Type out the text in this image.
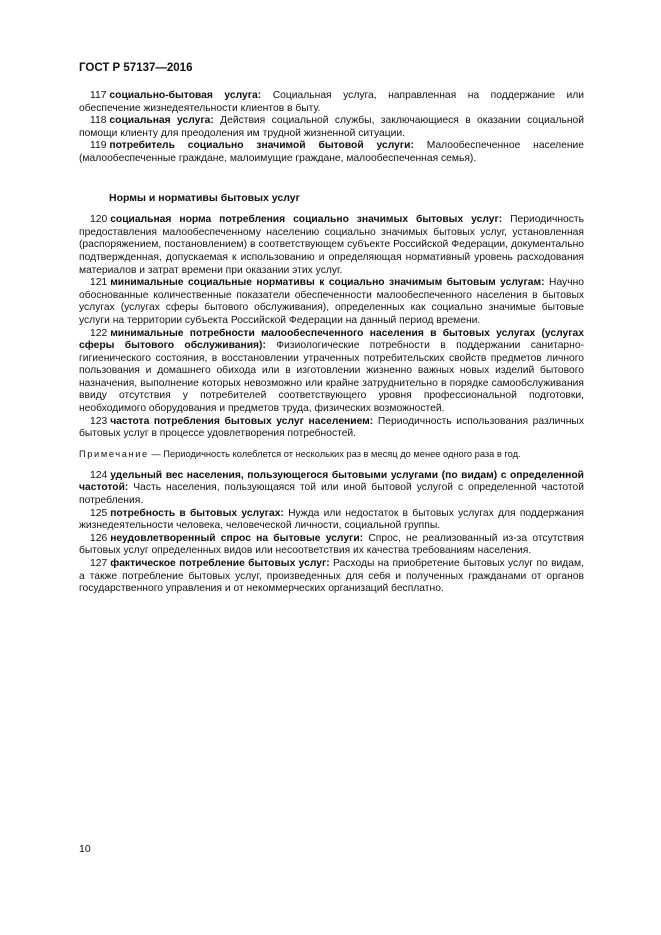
ГОСТ Р 57137—2016

117 социально-бытовая услуга: Социальная услуга, направленная на поддержание или обеспечение жизнедеятельности клиентов в быту.

118 социальная услуга: Действия социальной службы, заключающиеся в оказании социальной помощи клиенту для преодоления им трудной жизненной ситуации.

119 потребитель социально значимой бытовой услуги: Малообеспеченное население (малообеспеченные граждане, малоимущие граждане, малообеспеченная семья).

Нормы и нормативы бытовых услуг

120 социальная норма потребления социально значимых бытовых услуг: Периодичность предоставления малообеспеченному населению социально значимых бытовых услуг, установленная (распоряжением, постановлением) в соответствующем субъекте Российской Федерации, документально подтвержденная, допускаемая к использованию и определяющая нормативный уровень расходования материалов и затрат времени при оказании этих услуг.

121 минимальные социальные нормативы к социально значимым бытовым услугам: Научно обоснованные количественные показатели обеспеченности малообеспеченного населения в бытовых услугах (услугах сферы бытового обслуживания), определенных как социально значимые бытовые услуги на территории субъекта Российской Федерации на данный период времени.

122 минимальные потребности малообеспеченного населения в бытовых услугах (услугах сферы бытового обслуживания): Физиологические потребности в поддержании санитарно-гигиенического состояния, в восстановлении утраченных потребительских свойств предметов личного пользования и домашнего обихода или в изготовлении жизненно важных новых изделий бытового назначения, выполнение которых невозможно или крайне затруднительно в порядке самообслуживания ввиду отсутствия у потребителей соответствующего уровня профессиональной подготовки, необходимого оборудования и предметов труда, физических возможностей.

123 частота потребления бытовых услуг населением: Периодичность использования различных бытовых услуг в процессе удовлетворения потребностей.

Примечание — Периодичность колеблется от нескольких раз в месяц до менее одного раза в год.

124 удельный вес населения, пользующегося бытовыми услугами (по видам) с определенной частотой: Часть населения, пользующаяся той или иной бытовой услугой с определенной частотой потребления.

125 потребность в бытовых услугах: Нужда или недостаток в бытовых услугах для поддержания жизнедеятельности человека, человеческой личности, социальной группы.

126 неудовлетворенный спрос на бытовые услуги: Спрос, не реализованный из-за отсутствия бытовых услуг определенных видов или несоответствия их качества требованиям населения.

127 фактическое потребление бытовых услуг: Расходы на приобретение бытовых услуг по видам, а также потребление бытовых услуг, произведенных для себя и полученных гражданами от органов государственного управления и от некоммерческих организаций бесплатно.

10
